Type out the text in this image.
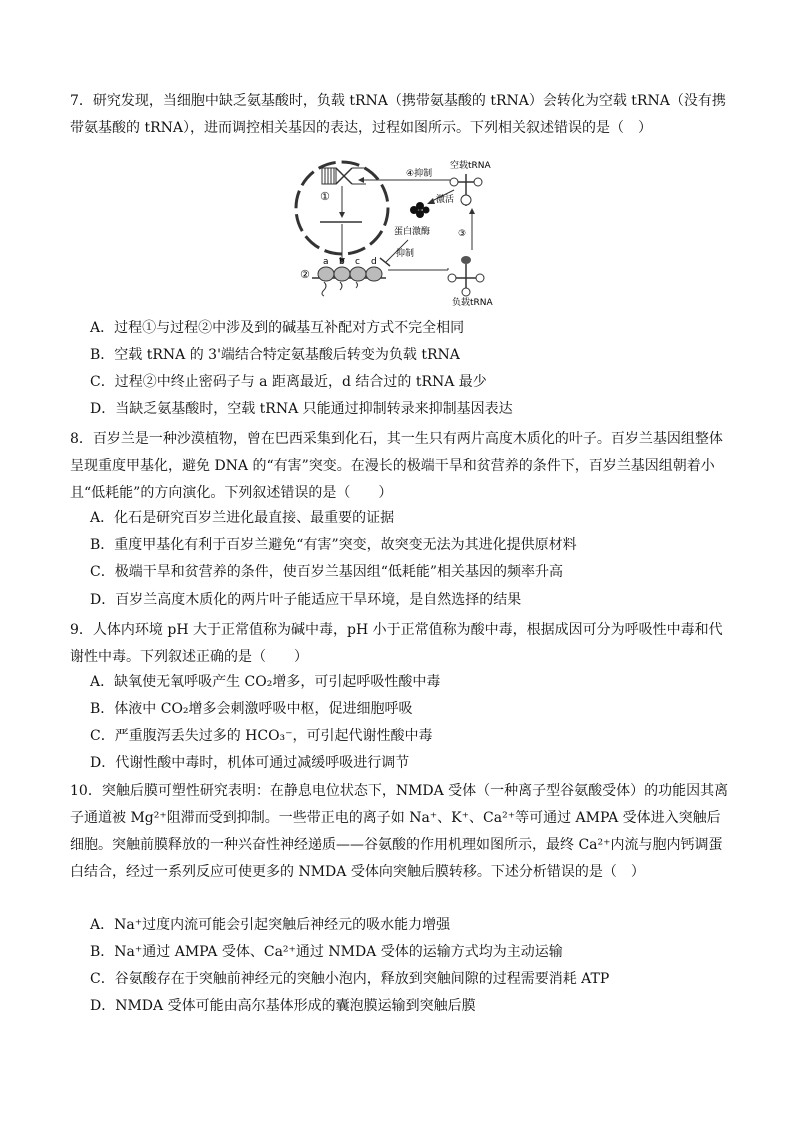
7．研究发现，当细胞中缺乏氨基酸时，负载 tRNA（携带氨基酸的 tRNA）会转化为空载 tRNA（没有携带氨基酸的 tRNA），进而调控相关基因的表达，过程如图所示。下列相关叙述错误的是（　）
①
a b c d
②
空载tRNA
负载tRNA
③
④抑制
激活
蛋白激酶
抑制
A．过程①与过程②中涉及到的碱基互补配对方式不完全相同
B．空载 tRNA 的 3'端结合特定氨基酸后转变为负载 tRNA
C．过程②中终止密码子与 a 距离最近，d 结合过的 tRNA 最少
D．当缺乏氨基酸时，空载 tRNA 只能通过抑制转录来抑制基因表达
8．百岁兰是一种沙漠植物，曾在巴西采集到化石，其一生只有两片高度木质化的叶子。百岁兰基因组整体呈现重度甲基化，避免 DNA 的“有害”突变。在漫长的极端干旱和贫营养的条件下，百岁兰基因组朝着小且“低耗能”的方向演化。下列叙述错误的是（　　）
A．化石是研究百岁兰进化最直接、最重要的证据
B．重度甲基化有利于百岁兰避免“有害”突变，故突变无法为其进化提供原材料
C．极端干旱和贫营养的条件，使百岁兰基因组“低耗能”相关基因的频率升高
D．百岁兰高度木质化的两片叶子能适应干旱环境，是自然选择的结果
9．人体内环境 pH 大于正常值称为碱中毒，pH 小于正常值称为酸中毒，根据成因可分为呼吸性中毒和代谢性中毒。下列叙述正确的是（　　）
A．缺氧使无氧呼吸产生 CO₂增多，可引起呼吸性酸中毒
B．体液中 CO₂增多会刺激呼吸中枢，促进细胞呼吸
C．严重腹泻丢失过多的 HCO₃⁻，可引起代谢性酸中毒
D．代谢性酸中毒时，机体可通过减缓呼吸进行调节
10．突触后膜可塑性研究表明：在静息电位状态下，NMDA 受体（一种离子型谷氨酸受体）的功能因其离子通道被 Mg²⁺阻滞而受到抑制。一些带正电的离子如 Na⁺、K⁺、Ca²⁺等可通过 AMPA 受体进入突触后细胞。突触前膜释放的一种兴奋性神经递质——谷氨酸的作用机理如图所示，最终 Ca²⁺内流与胞内钙调蛋白结合，经过一系列反应可使更多的 NMDA 受体向突触后膜转移。下述分析错误的是（　）
A．Na⁺过度内流可能会引起突触后神经元的吸水能力增强
B．Na⁺通过 AMPA 受体、Ca²⁺通过 NMDA 受体的运输方式均为主动运输
C．谷氨酸存在于突触前神经元的突触小泡内，释放到突触间隙的过程需要消耗 ATP
D．NMDA 受体可能由高尔基体形成的囊泡膜运输到突触后膜
